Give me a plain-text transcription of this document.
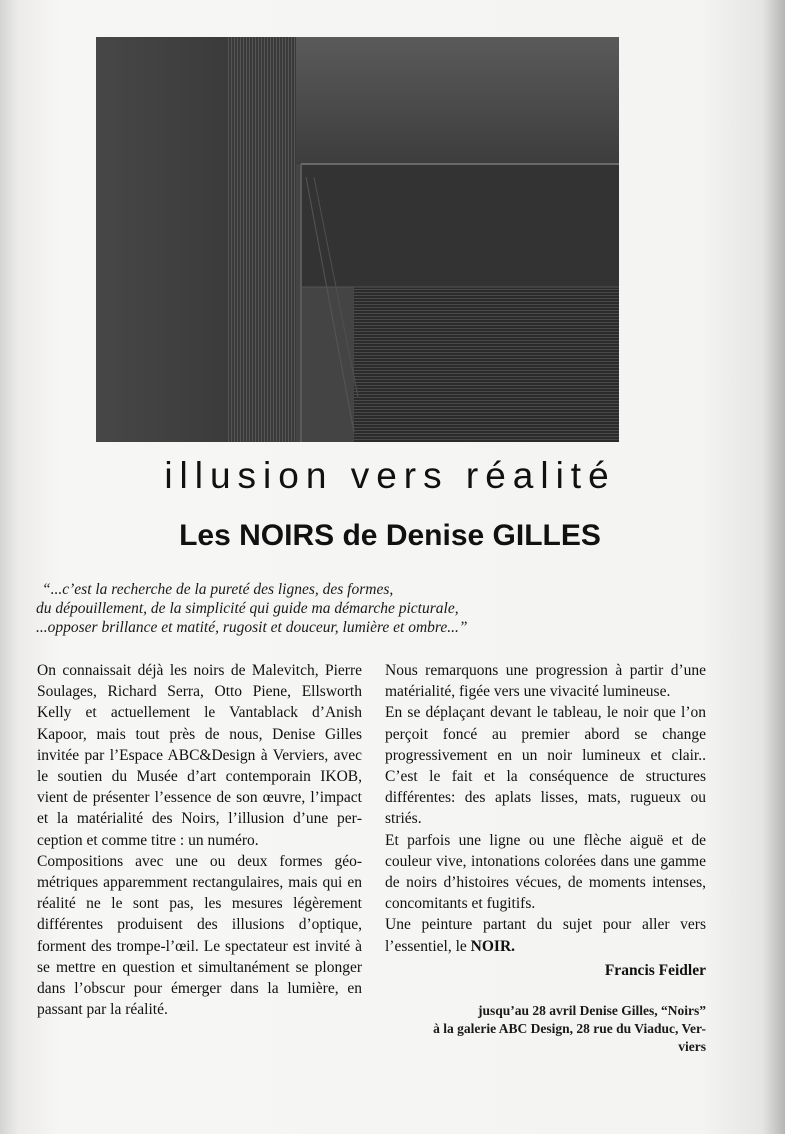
illusion vers réalité
Les NOIRS de Denise GILLES
“...c’est la recherche de la pureté des lignes, des formes,
du dépouillement, de la simplicité qui guide ma démarche picturale,
...opposer brillance et matité, rugosit et douceur, lumière et ombre...”

On connaissait déjà les noirs de Malevitch, Pierre Soulages, Richard Serra, Otto Piene, Ellsworth Kelly et actuellement le Vantablack d’Anish Kapoor, mais tout près de nous, Denise Gilles invitée par l’Espace ABC&Design à Verviers, avec le soutien du Musée d’art contemporain IKOB, vient de présenter l’essence de son œuvre, l’impact et la matérialité des Noirs, l’illusion d’une perception et comme titre : un numéro.

Compositions avec une ou deux formes géométriques apparemment rectangulaires, mais qui en réalité ne le sont pas, les mesures légèrement différentes produisent des illusions d’optique, forment des trompe-l’œil. Le spectateur est invité à se mettre en question et simultanément se plonger dans l’obscur pour émerger dans la lumière, en passant par la réalité.

Nous remarquons une progression à partir d’une matérialité, figée vers une vivacité lumineuse.

En se déplaçant devant le tableau, le noir que l’on perçoit foncé au premier abord se change progressivement en un noir lumineux et clair.. C’est le fait et la conséquence de structures différentes: des aplats lisses, mats, rugueux ou striés.

Et parfois une ligne ou une flèche aiguë et de couleur vive, intonations colorées dans une gamme de noirs d’histoires vécues, de moments intenses, concomitants et fugitifs.

Une peinture partant du sujet pour aller vers l’essentiel, le NOIR.

Francis Feidler
jusqu’au 28 avril Denise Gilles, “Noirs”
à la galerie ABC Design, 28 rue du Viaduc, Ver-
viers
